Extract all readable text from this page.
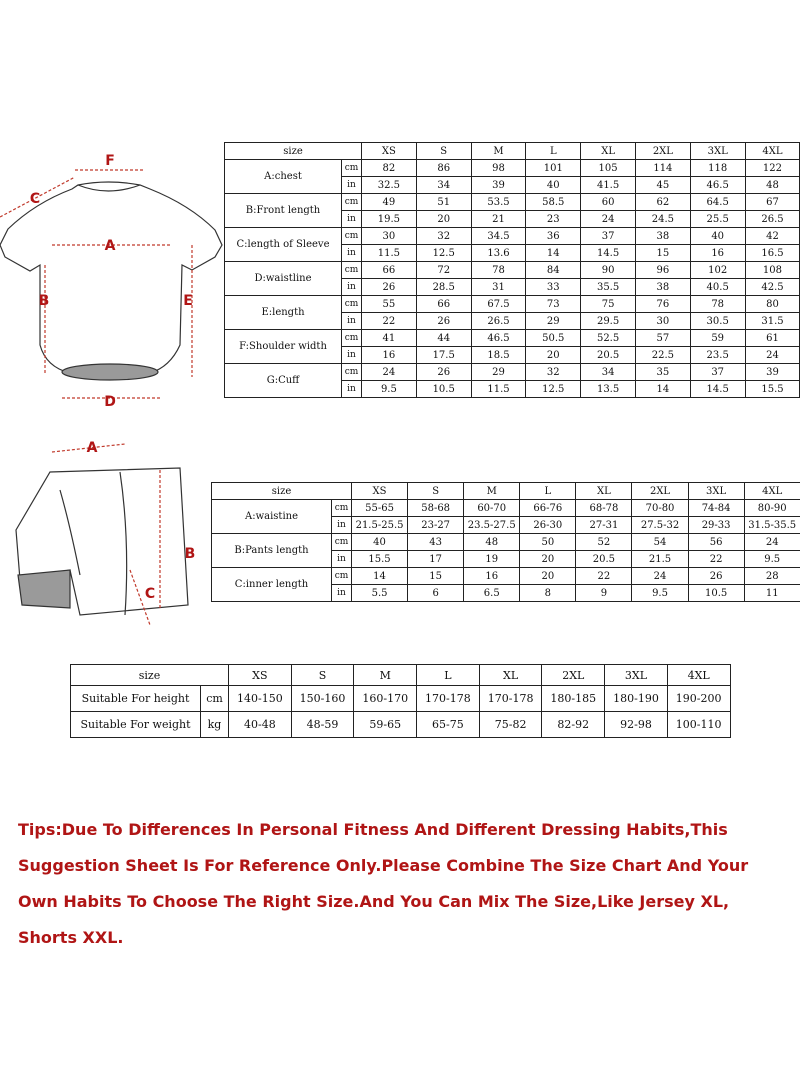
F
C
A
B	E
D
size		XS	S	M	L	XL	2XL	3XL	4XL
A:chest	cm	82	86	98	101	105	114	118	122
	in	32.5	34	39	40	41.5	45	46.5	48
B:Front length	cm	49	51	53.5	58.5	60	62	64.5	67
	in	19.5	20	21	23	24	24.5	25.5	26.5
C:length of Sleeve	cm	30	32	34.5	36	37	38	40	42
	in	11.5	12.5	13.6	14	14.5	15	16	16.5
D:waistline	cm	66	72	78	84	90	96	102	108
	in	26	28.5	31	33	35.5	38	40.5	42.5
E:length	cm	55	66	67.5	73	75	76	78	80
	in	22	26	26.5	29	29.5	30	30.5	31.5
F:Shoulder width	cm	41	44	46.5	50.5	52.5	57	59	61
	in	16	17.5	18.5	20	20.5	22.5	23.5	24
G:Cuff	cm	24	26	29	32	34	35	37	39
	in	9.5	10.5	11.5	12.5	13.5	14	14.5	15.5
A
B
C
size		XS	S	M	L	XL	2XL	3XL	4XL
A:waistine	cm	55-65	58-68	60-70	66-76	68-78	70-80	74-84	80-90
	in	21.5-25.5	23-27	23.5-27.5	26-30	27-31	27.5-32	29-33	31.5-35.5
B:Pants length	cm	40	43	48	50	52	54	56	24
	in	15.5	17	19	20	20.5	21.5	22	9.5
C:inner length	cm	14	15	16	20	22	24	26	28
	in	5.5	6	6.5	8	9	9.5	10.5	11
size		XS	S	M	L	XL	2XL	3XL	4XL
Suitable For height	cm	140-150	150-160	160-170	170-178	170-178	180-185	180-190	190-200
Suitable For weight	kg	40-48	48-59	59-65	65-75	75-82	82-92	92-98	100-110
Tips:Due To Differences In Personal Fitness And Different Dressing Habits,This Suggestion Sheet Is For Reference Only.Please Combine The Size Chart And Your Own Habits To Choose The Right Size.And You Can Mix The Size,Like Jersey XL, Shorts XXL.
